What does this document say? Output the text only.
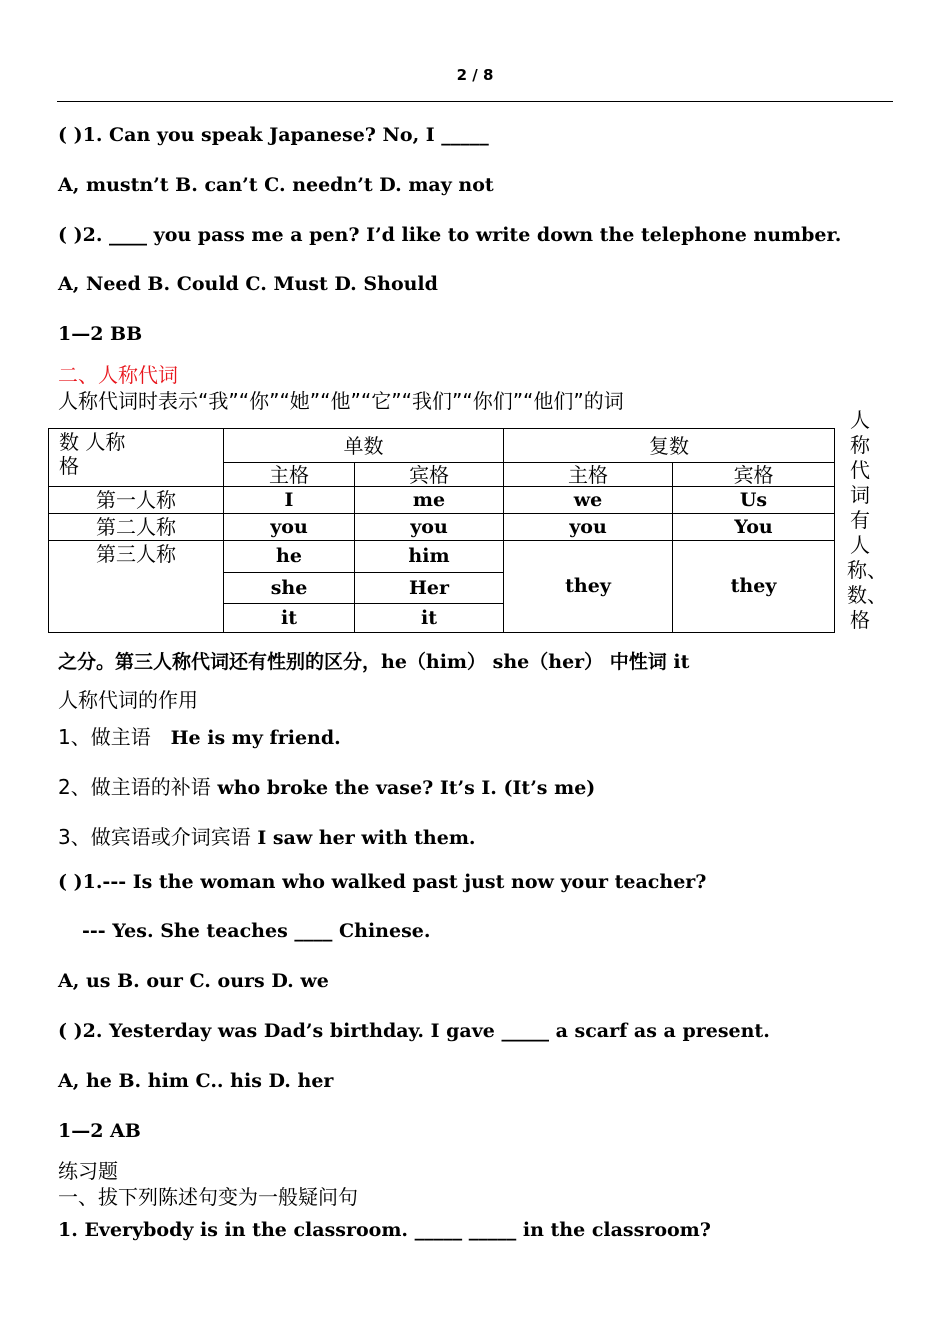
2 / 8
( )1. Can you speak Japanese? No, I _____
A, mustn’t B. can’t C. needn’t D. may not
( )2. ____ you pass me a pen? I’d like to write down the telephone number.
A, Need B. Could C. Must D. Should
1—2 BB
二、人称代词
人称代词时表示“我”“你”“她”“他”“它”“我们”“你们”“他们”的词
数 人称
格	单数		复数	
	主格	宾格	主格	宾格
第一人称	I	me	we	Us
第二人称	you	you	you	You
第三人称	he	him	they	they
	she	Her		
	it	it		
人
称
代
词
有
人
称、
数、
格
之分。第三人称代词还有性别的区分，he（him） she（her） 中性词 it
人称代词的作用
1、做主语 He is my friend.
2、做主语的补语 who broke the vase? It’s I. (It’s me)
3、做宾语或介词宾语 I saw her with them.
( )1.--- Is the woman who walked past just now your teacher?
--- Yes. She teaches ____ Chinese.
A, us B. our C. ours D. we
( )2. Yesterday was Dad’s birthday. I gave _____ a scarf as a present.
A, he B. him C.. his D. her
1—2 AB
练习题
一、拔下列陈述句变为一般疑问句
1. Everybody is in the classroom. _____ _____ in the classroom?
